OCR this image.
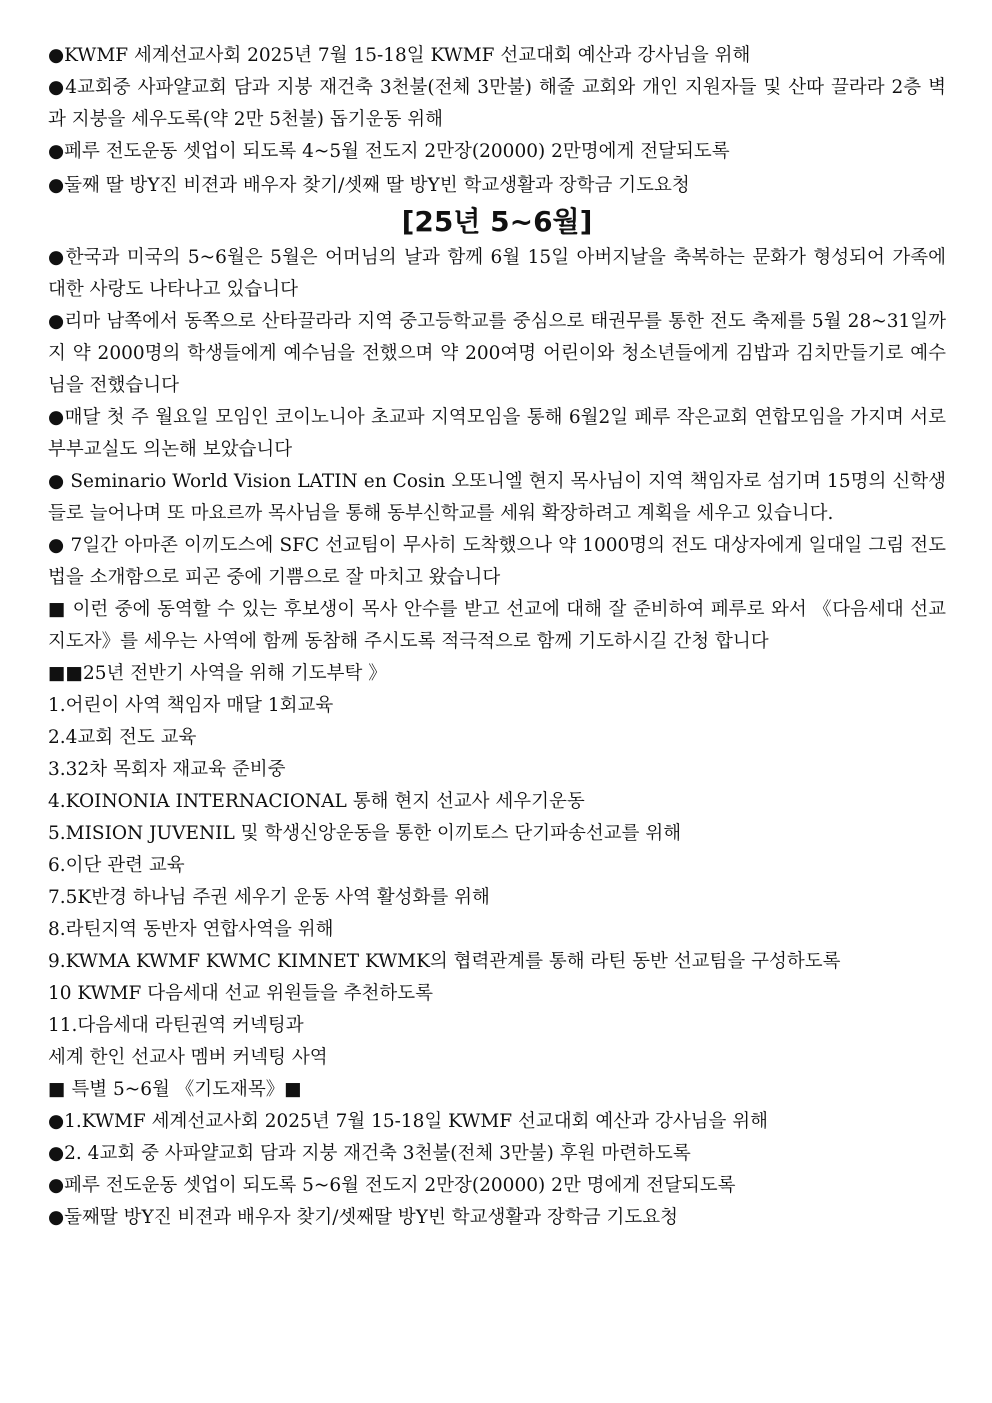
●KWMF 세계선교사회 2025년 7월 15-18일 KWMF 선교대회 예산과 강사님을 위해

●4교회중 사파얄교회 담과 지붕 재건축 3천불(전체 3만불) 해줄 교회와 개인 지원자들 및 산따 끌라라 2층 벽과 지붕을 세우도록(약 2만 5천불) 돕기운동 위해

●페루 전도운동 셋업이 되도록 4~5월 전도지 2만장(20000) 2만명에게 전달되도록

●둘째 딸 방Y진 비젼과 배우자 찾기/셋째 딸 방Y빈 학교생활과 장학금 기도요청

[25년 5~6월]

●한국과 미국의 5~6월은 5월은 어머님의 날과 함께 6월 15일 아버지날을 축복하는 문화가 형성되어 가족에 대한 사랑도 나타나고 있습니다

●리마 남쪽에서 동쪽으로 산타끌라라 지역 중고등학교를 중심으로 태권무를 통한 전도 축제를 5월 28~31일까지 약 2000명의 학생들에게 예수님을 전했으며 약 200여명 어린이와 청소년들에게 김밥과 김치만들기로 예수님을 전했습니다

●매달 첫 주 월요일 모임인 코이노니아 초교파 지역모임을 통해 6월2일 페루 작은교회 연합모임을 가지며 서로 부부교실도 의논해 보았습니다

● Seminario World Vision LATIN en Cosin 오또니엘 현지 목사님이 지역 책임자로 섬기며 15명의 신학생들로 늘어나며 또 마요르까 목사님을 통해 동부신학교를 세워 확장하려고 계획을 세우고 있습니다.

● 7일간 아마존 이끼도스에 SFC 선교팀이 무사히 도착했으나 약 1000명의 전도 대상자에게 일대일 그림 전도법을 소개함으로 피곤 중에 기쁨으로 잘 마치고 왔습니다

■ 이런 중에 동역할 수 있는 후보생이 목사 안수를 받고 선교에 대해 잘 준비하여 페루로 와서 《다음세대 선교지도자》를 세우는 사역에 함께 동참해 주시도록 적극적으로 함께 기도하시길 간청 합니다

■■25년 전반기 사역을 위해 기도부탁 》

1.어린이 사역 책임자 매달 1회교육

2.4교회 전도 교육

3.32차 목회자 재교육 준비중

4.KOINONIA INTERNACIONAL 통해 현지 선교사 세우기운동

5.MISION JUVENIL 및 학생신앙운동을 통한 이끼토스 단기파송선교를 위해

6.이단 관련 교육

7.5K반경 하나님 주권 세우기 운동 사역 활성화를 위해

8.라틴지역 동반자 연합사역을 위해

9.KWMA KWMF KWMC KIMNET KWMK의 협력관계를 통해 라틴 동반 선교팀을 구성하도록

10 KWMF 다음세대 선교 위원들을 추천하도록

11.다음세대 라틴권역 커넥팅과

세계 한인 선교사 멤버 커넥팅 사역

■ 특별 5~6월 《기도재목》■

●1.KWMF 세계선교사회 2025년 7월 15-18일 KWMF 선교대회 예산과 강사님을 위해

●2. 4교회 중 사파얄교회 담과 지붕 재건축 3천불(전체 3만불) 후원 마련하도록

●페루 전도운동 셋업이 되도록 5~6월 전도지 2만장(20000) 2만 명에게 전달되도록

●둘째딸 방Y진 비젼과 배우자 찾기/셋째딸 방Y빈 학교생활과 장학금 기도요청
